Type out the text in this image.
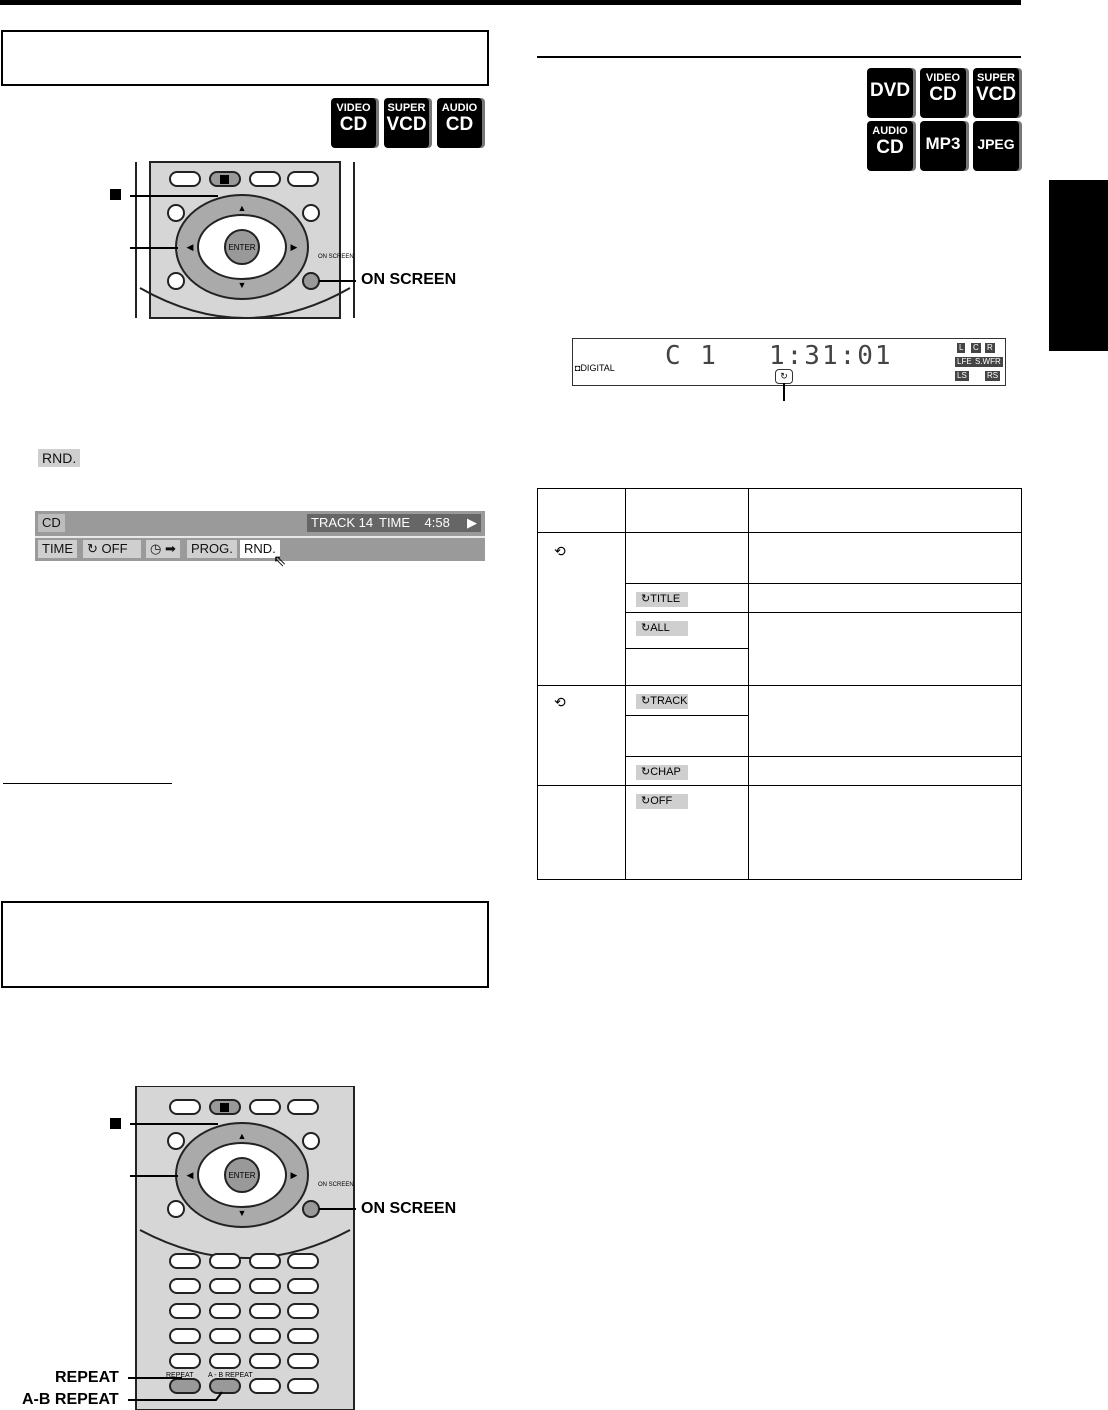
VIDEO
CD
SUPER
VCD
AUDIO
CD
ENTER
▲
▼
◀	▶
ON SCREEN
ON SCREEN
RND.
CD	TRACK 14 TIME 4:58	▶
TIME	↻ OFF	◷ ➡	PROG. RND.
⇖
ENTER
▲
▼
◀	▶
ON SCREEN
REPEAT A - B REPEAT
ON SCREEN
REPEAT
A-B REPEAT
DVD
VIDEO
CD
SUPER
VCD
AUDIO
CD	MP3	JPEG
◘DIGITAL C 1 1:31:01	L C R
LFE S.WFR
LS	RS
↻

⟲		
	↻TITLE	
	↻ALL	

⟲	↻TRACK	

	↻CHAP	
	↻OFF	
